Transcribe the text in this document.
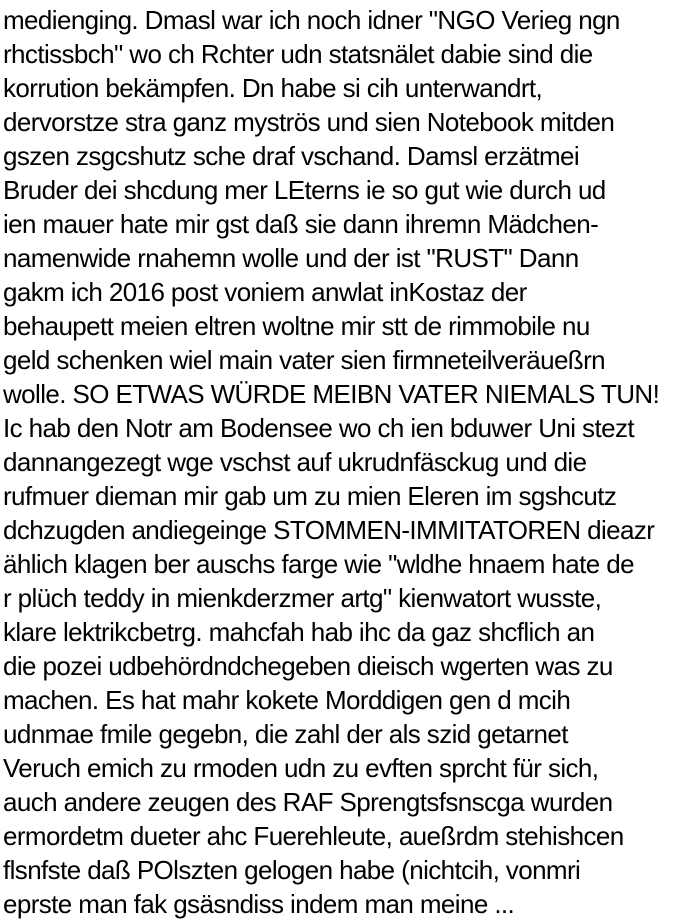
medienging. Dmasl war ich noch idner "NGO Verieg ngn
rhctissbch" wo ch Rchter udn statsnälet dabie sind die
korrution bekämpfen. Dn habe si cih unterwandrt,
dervorstze stra ganz myströs und sien Notebook mitden
gszen zsgcshutz sche draf vschand. Damsl erzätmei
Bruder dei shcdung mer LEterns ie so gut wie durch ud
ien mauer hate mir gst daß sie dann ihremn Mädchen-
namenwide rnahemn wolle und der ist "RUST" Dann
gakm ich 2016 post voniem anwlat inKostaz der
behaupett meien eltren woltne mir stt de rimmobile nu
geld schenken wiel main vater sien firmneteilveräueßrn
wolle. SO ETWAS WÜRDE MEIBN VATER NIEMALS TUN!
Ic hab den Notr am Bodensee wo ch ien bduwer Uni stezt
dannangezegt wge vschst auf ukrudnfäsckug und die
rufmuer dieman mir gab um zu mien Eleren im sgshcutz
dchzugden andiegeinge STOMMEN-IMMITATOREN dieazr
ählich klagen ber auschs farge wie "wldhe hnaem hate de
r plüch teddy in mienkderzmer artg" kienwatort wusste,
klare lektrikcbetrg. mahcfah hab ihc da gaz shcflich an
die pozei udbehördndchegeben dieisch wgerten was zu
machen. Es hat mahr kokete Morddigen gen d mcih
udnmae fmile gegebn, die zahl der als szid getarnet
Veruch emich zu rmoden udn zu evften sprcht für sich,
auch andere zeugen des RAF Sprengtsfsnscga wurden
ermordetm dueter ahc Fuerehleute, aueßrdm stehishcen
flsnfste daß POlszten gelogen habe (nichtcih, vonmri
eprste man fak gsäsndiss indem man meine ...
